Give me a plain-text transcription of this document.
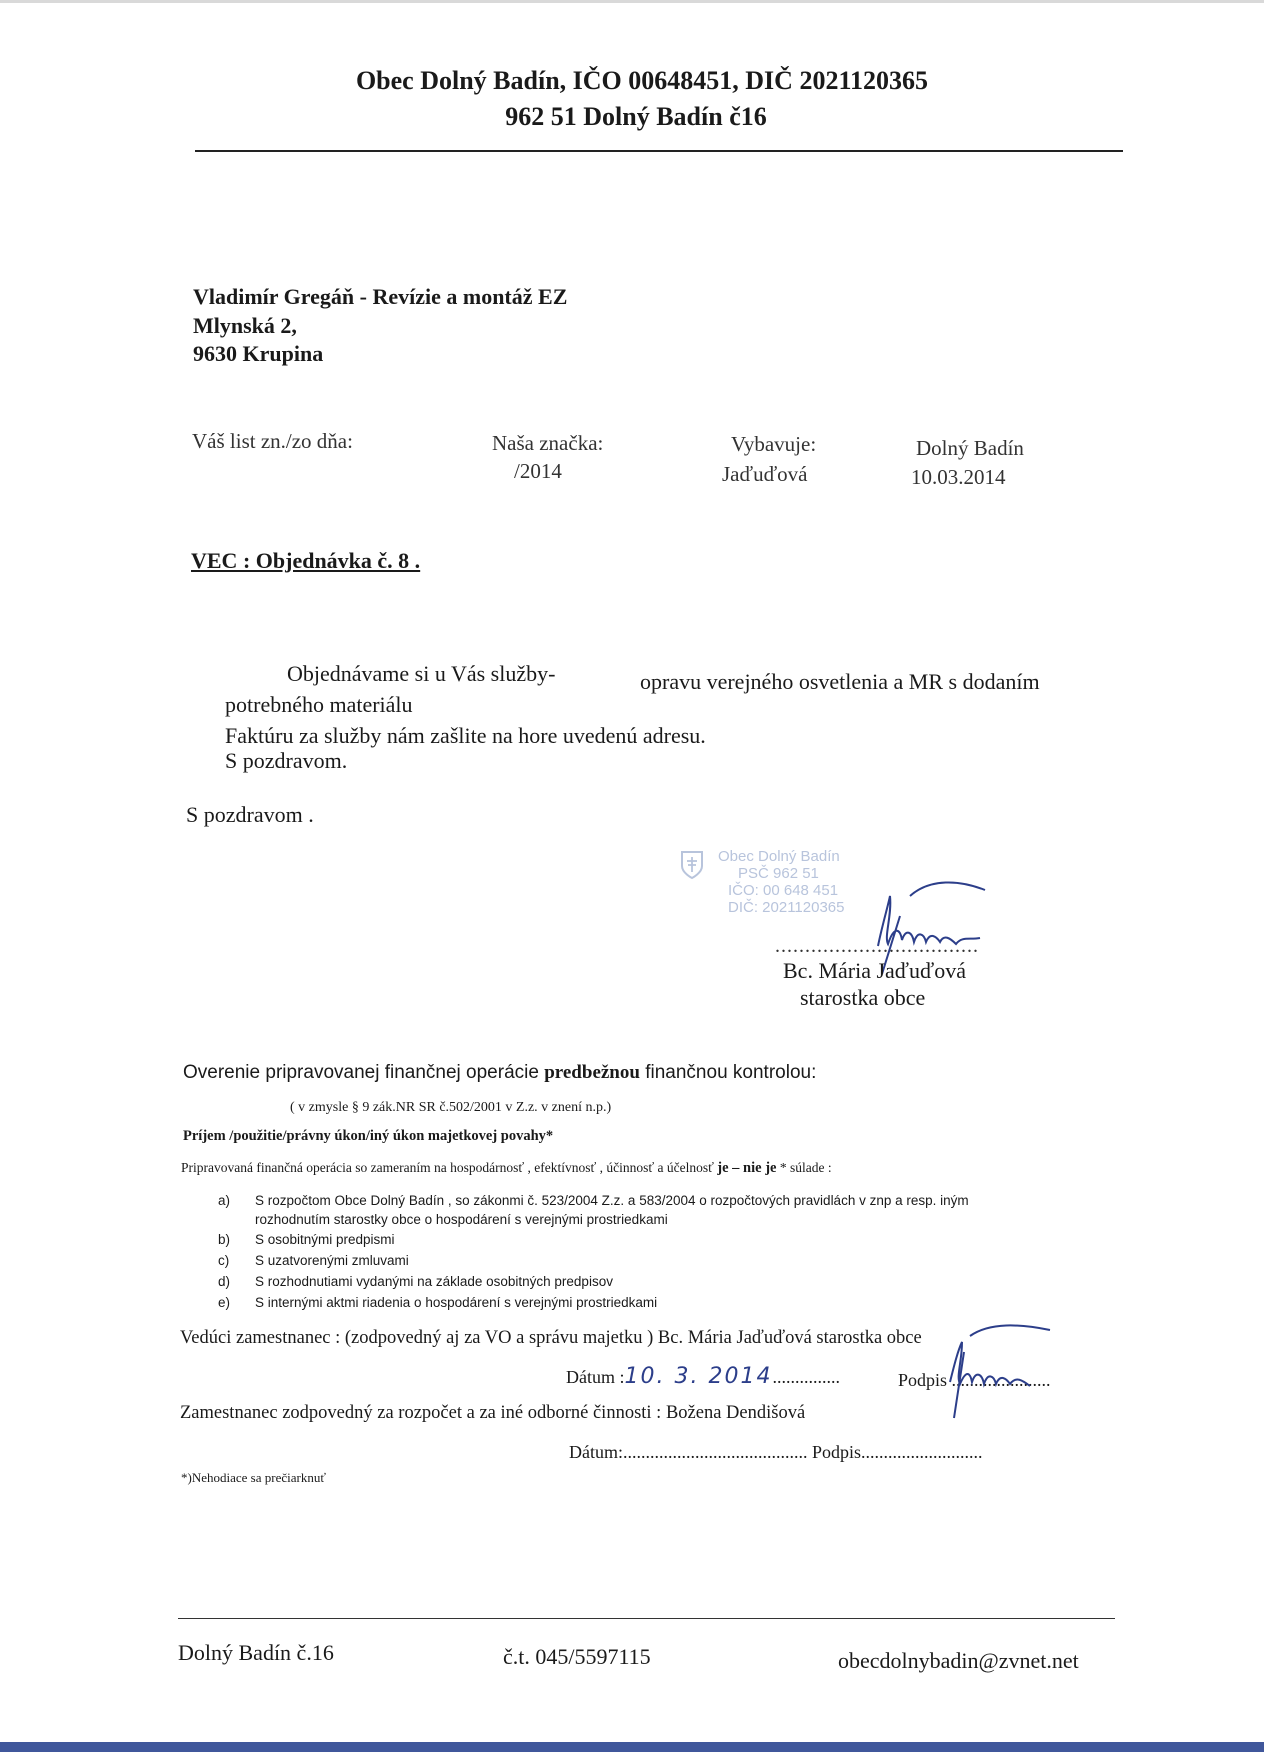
Obec Dolný Badín, IČO 00648451, DIČ 2021120365
962 51 Dolný Badín č16
Vladimír Gregáň - Revízie a montáž EZ
Mlynská 2,
9630 Krupina
Váš list zn./zo dňa:	Naša značka:
/2014
Vybavuje:
Jaďuďová
Dolný Badín
10.03.2014
VEC : Objednávka č. 8 .
Objednávame si u Vás služby-	opravu verejného osvetlenia a MR s dodaním
potrebného materiálu
Faktúru za služby nám zašlite na hore uvedenú adresu.
S pozdravom.
S pozdravom .
Obec Dolný Badín
PSČ 962 51
IČO: 00 648 451
DIČ: 2021120365
..................................
Bc. Mária Jaďuďová
starostka obce
Overenie pripravovanej finančnej operácie predbežnou finančnou kontrolou:
( v zmysle § 9 zák.NR SR č.502/2001 v Z.z. v znení n.p.)
Príjem /použitie/právny úkon/iný úkon majetkovej povahy*
Pripravovaná finančná operácia so zameraním na hospodárnosť , efektívnosť , účinnosť a účelnosť je – nie je * súlade :
a) S rozpočtom Obce Dolný Badín , so zákonmi č. 523/2004 Z.z. a 583/2004 o rozpočtových pravidlách v znp a resp. iným
rozhodnutím starostky obce o hospodárení s verejnými prostriedkami
b) S osobitnými predpismi
c) S uzatvorenými zmluvami
d) S rozhodnutiami vydanými na základe osobitných predpisov
e) S internými aktmi riadenia o hospodárení s verejnými prostriedkami
Vedúci zamestnanec : (zodpovedný aj za VO a správu majetku ) Bc. Mária Jaďuďová starostka obce
Dátum :10. 3. 2014...............	Podpis ......................
Zamestnanec zodpovedný za rozpočet a za iné odborné činnosti : Božena Dendišová
Dátum:......................................... Podpis...........................
*)Nehodiace sa prečiarknuť
Dolný Badín č.16	č.t. 045/5597115	obecdolnybadin@zvnet.net
